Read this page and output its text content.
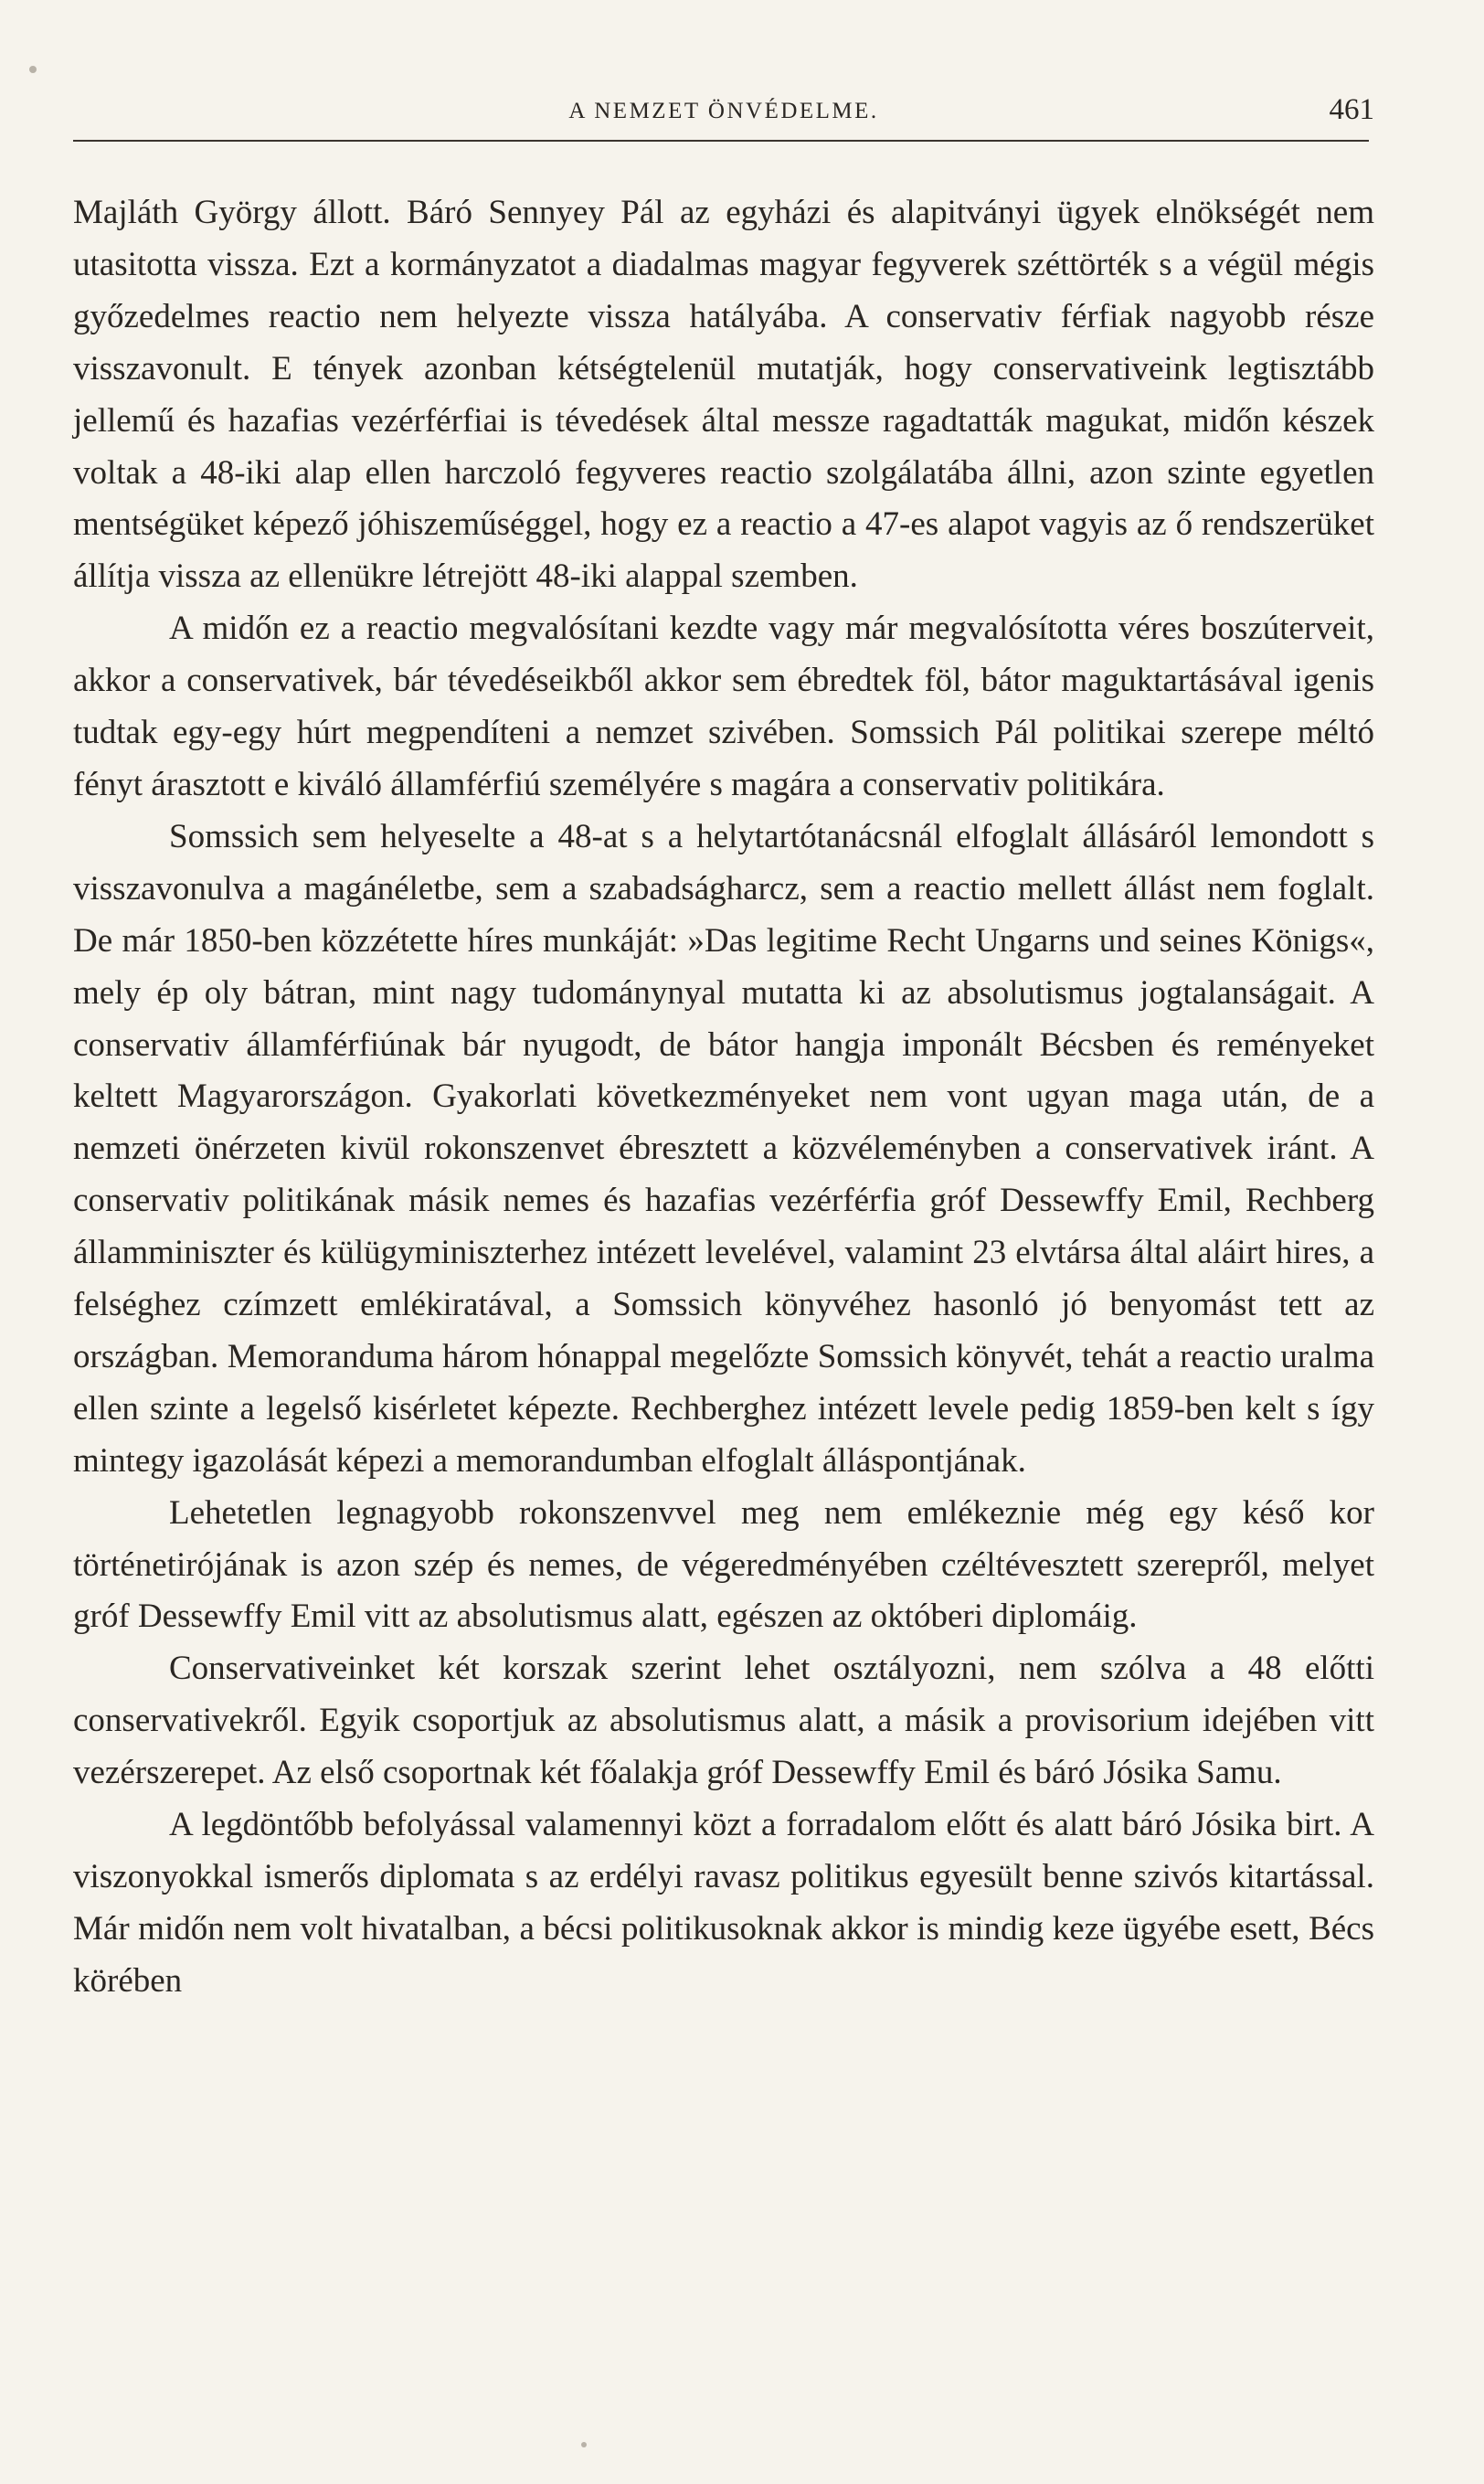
A NEMZET ÖNVÉDELME.	461

Majláth György állott. Báró Sennyey Pál az egyházi és alapitványi ügyek elnökségét nem utasitotta vissza. Ezt a kormányzatot a diadalmas magyar fegyverek széttörték s a végül mégis győzedelmes reactio nem helyezte vissza hatályába. A conservativ férfiak nagyobb része visszavonult. E tények azonban kétségtelenül mutatják, hogy conservativeink legtisztább jellemű és hazafias vezérférfiai is tévedések által messze ragadtatták magukat, midőn készek voltak a 48-iki alap ellen harczoló fegyveres reactio szolgálatába állni, azon szinte egyetlen mentségüket képező jóhiszeműséggel, hogy ez a reactio a 47-es alapot vagyis az ő rendszerüket állítja vissza az ellenükre létrejött 48-iki alappal szemben.

A midőn ez a reactio megvalósítani kezdte vagy már megvalósította véres boszúterveit, akkor a conservativek, bár tévedéseikből akkor sem ébredtek föl, bátor maguktartásával igenis tudtak egy-egy húrt megpendíteni a nemzet szivében. Somssich Pál politikai szerepe méltó fényt árasztott e kiváló államférfiú személyére s magára a conservativ politikára.

Somssich sem helyeselte a 48-at s a helytartótanácsnál elfoglalt állásáról lemondott s visszavonulva a magánéletbe, sem a szabadságharcz, sem a reactio mellett állást nem foglalt. De már 1850-ben közzétette híres munkáját: »Das legitime Recht Ungarns und seines Königs«, mely ép oly bátran, mint nagy tudománynyal mutatta ki az absolutismus jogtalanságait. A conservativ államférfiúnak bár nyugodt, de bátor hangja imponált Bécsben és reményeket keltett Magyarországon. Gyakorlati következményeket nem vont ugyan maga után, de a nemzeti önérzeten kivül rokonszenvet ébresztett a közvéleményben a conservativek iránt. A conservativ politikának másik nemes és hazafias vezérférfia gróf Dessewffy Emil, Rechberg államminiszter és külügyminiszterhez intézett levelével, valamint 23 elvtársa által aláirt hires, a felséghez czímzett emlékiratával, a Somssich könyvéhez hasonló jó benyomást tett az országban. Memoranduma három hónappal megelőzte Somssich könyvét, tehát a reactio uralma ellen szinte a legelső kisérletet képezte. Rechberghez intézett levele pedig 1859-ben kelt s így mintegy igazolását képezi a memorandumban elfoglalt álláspontjának.

Lehetetlen legnagyobb rokonszenvvel meg nem emlékeznie még egy késő kor történetirójának is azon szép és nemes, de végeredményében czéltévesztett szerepről, melyet gróf Dessewffy Emil vitt az absolutismus alatt, egészen az októberi diplomáig.

Conservativeinket két korszak szerint lehet osztályozni, nem szólva a 48 előtti conservativekről. Egyik csoportjuk az absolutismus alatt, a másik a provisorium idejében vitt vezérszerepet. Az első csoportnak két főalakja gróf Dessewffy Emil és báró Jósika Samu.

A legdöntőbb befolyással valamennyi közt a forradalom előtt és alatt báró Jósika birt. A viszonyokkal ismerős diplomata s az erdélyi ravasz politikus egyesült benne szivós kitartással. Már midőn nem volt hivatalban, a bécsi politikusoknak akkor is mindig keze ügyébe esett, Bécs körében
